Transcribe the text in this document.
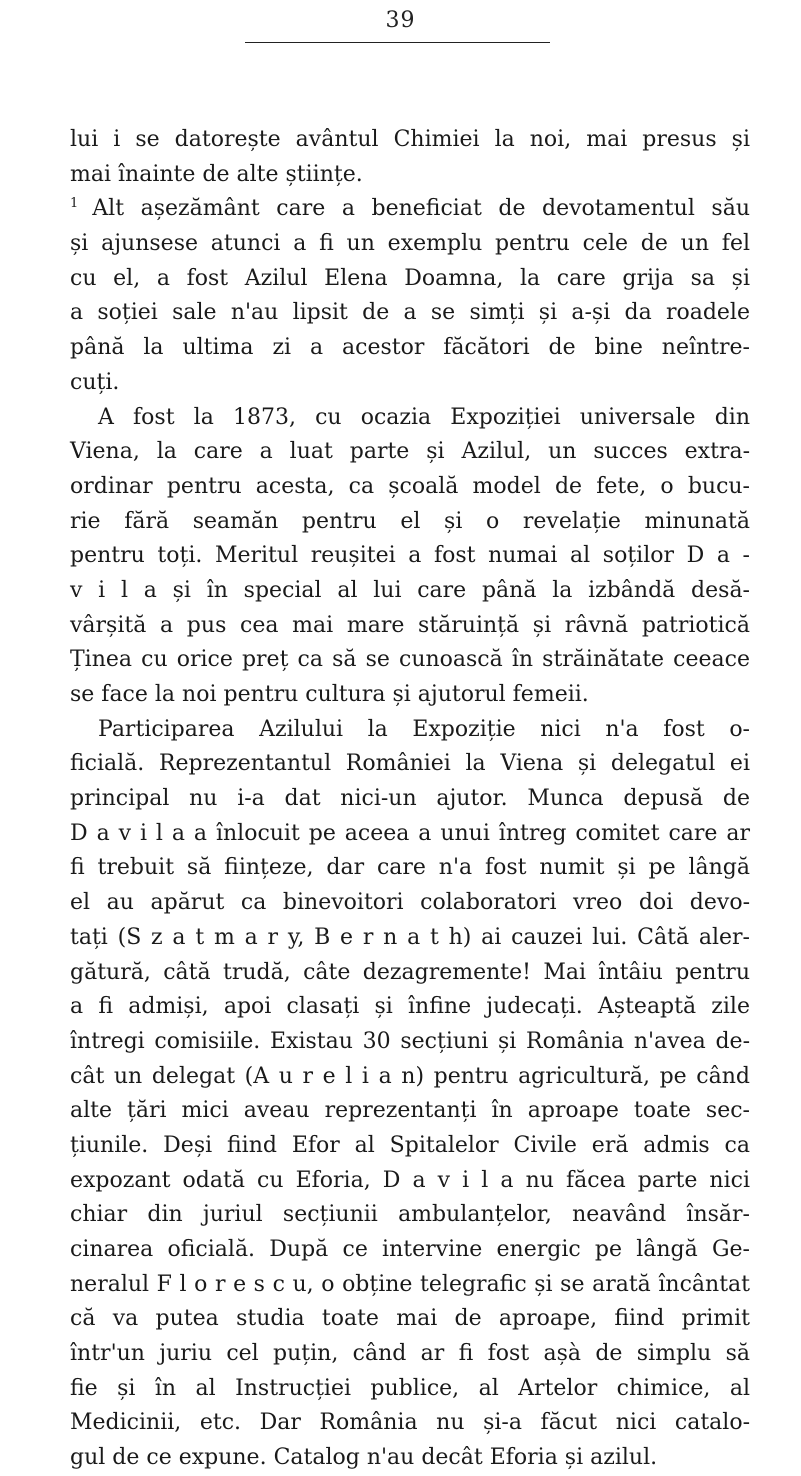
39
lui i se datorește avântul Chimiei la noi, mai presus și
mai înainte de alte științe.
$^1$ Alt așezământ care a beneficiat de devotamentul său
și ajunsese atunci a fi un exemplu pentru cele de un fel
cu el, a fost Azilul Elena Doamna, la care grija sa și
a soției sale n'au lipsit de a se simți și a-și da roadele
până la ultima zi a acestor făcători de bine neîntre-
cuți.
A fost la 1873, cu ocazia Expoziției universale din
Viena, la care a luat parte și Azilul, un succes extra-
ordinar pentru acesta, ca școală model de fete, o bucu-
rie fără seamăn pentru el și o revelație minunată
pentru toți. Meritul reușitei a fost numai al soților D a -
v i l a și în special al lui care până la izbândă desă-
vârșită a pus cea mai mare stăruință și râvnă patriotică
Ținea cu orice preț ca să se cunoască în străinătate ceeace
se face la noi pentru cultura și ajutorul femeii.
Participarea Azilului la Expoziție nici n'a fost o-
ficială. Reprezentantul României la Viena și delegatul ei
principal nu i-a dat nici-un ajutor. Munca depusă de
D a v i l a a înlocuit pe aceea a unui întreg comitet care ar
fi trebuit să ființeze, dar care n'a fost numit și pe lângă
el au apărut ca binevoitori colaboratori vreo doi devo-
tați (S z a t m a r y, B e r n a t h) ai cauzei lui. Câtă aler-
gătură, câtă trudă, câte dezagremente! Mai întâiu pentru
a fi admiși, apoi clasați și înfine judecați. Așteaptă zile
întregi comisiile. Existau 30 secțiuni și România n'avea de-
cât un delegat (A u r e l i a n) pentru agricultură, pe când
alte țări mici aveau reprezentanți în aproape toate sec-
țiunile. Deși fiind Efor al Spitalelor Civile eră admis ca
expozant odată cu Eforia, D a v i l a nu făcea parte nici
chiar din juriul secțiunii ambulanțelor, neavând însăr-
cinarea oficială. După ce intervine energic pe lângă Ge-
neralul F l o r e s c u, o obține telegrafic și se arată încântat
că va putea studia toate mai de aproape, fiind primit
într'un juriu cel puțin, când ar fi fost așà de simplu să
fie și în al Instrucției publice, al Artelor chimice, al
Medicinii, etc. Dar România nu și-a făcut nici catalo-
gul de ce expune. Catalog n'au decât Eforia și azilul.
